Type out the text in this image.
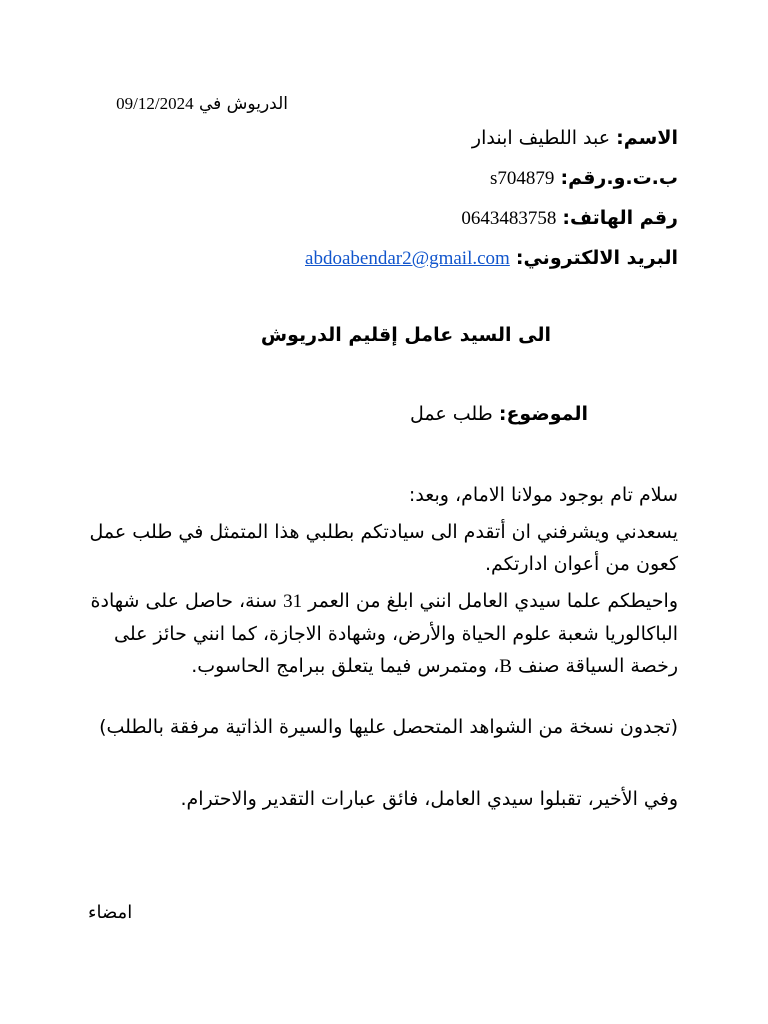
الدريوش في 09/12/2024
الاسم: عبد اللطيف ابندار
ب.ت.و.رقم: s704879
رقم الهاتف: 0643483758
البريد الالكتروني: abdoabendar2@gmail.com
الى السيد عامل إقليم الدريوش
الموضوع: طلب عمل
سلام تام بوجود مولانا الامام، وبعد:
يسعدني ويشرفني ان أتقدم الى سيادتكم بطلبي هذا المتمثل في طلب عمل كعون من أعوان ادارتكم.
واحيطكم علما سيدي العامل انني ابلغ من العمر 31 سنة، حاصل على شهادة الباكالوريا شعبة علوم الحياة والأرض، وشهادة الاجازة، كما انني حائز على رخصة السياقة صنف B، ومتمرس فيما يتعلق ببرامج الحاسوب.
(تجدون نسخة من الشواهد المتحصل عليها والسيرة الذاتية مرفقة بالطلب)
وفي الأخير، تقبلوا سيدي العامل، فائق عبارات التقدير والاحترام.
امضاء
